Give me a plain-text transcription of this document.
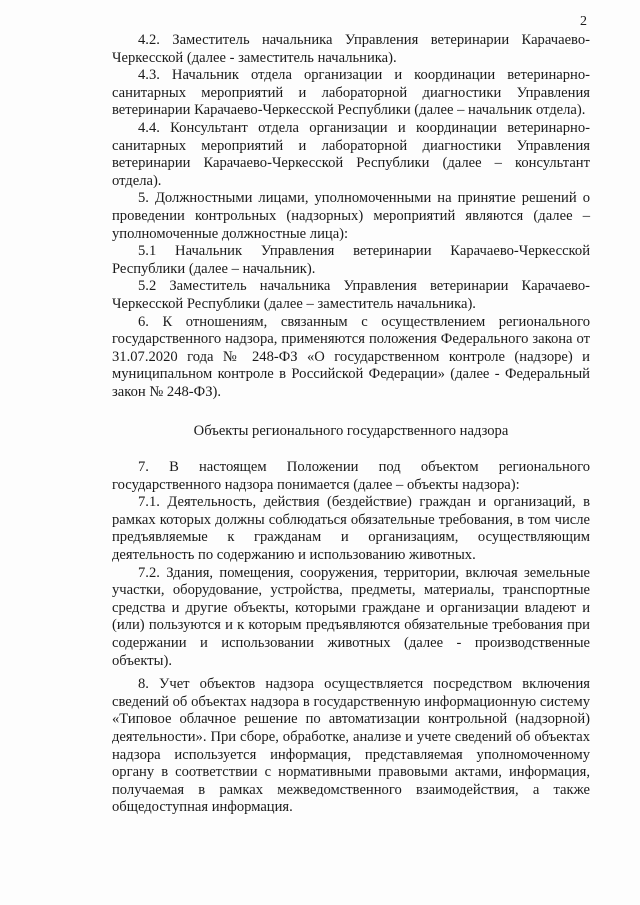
2

4.2. Заместитель начальника Управления ветеринарии Карачаево-Черкесской (далее - заместитель начальника).

4.3. Начальник отдела организации и координации ветеринарно-санитарных мероприятий и лабораторной диагностики Управления ветеринарии Карачаево-Черкесской Республики (далее – начальник отдела).

4.4. Консультант отдела организации и координации ветеринарно-санитарных мероприятий и лабораторной диагностики Управления ветеринарии Карачаево-Черкесской Республики (далее – консультант отдела).

5. Должностными лицами, уполномоченными на принятие решений о проведении контрольных (надзорных) мероприятий являются (далее – уполномоченные должностные лица):

5.1 Начальник Управления ветеринарии Карачаево-Черкесской Республики (далее – начальник).

5.2 Заместитель начальника Управления ветеринарии Карачаево-Черкесской Республики (далее – заместитель начальника).

6. К отношениям, связанным с осуществлением регионального государственного надзора, применяются положения Федерального закона от 31.07.2020 года № 248-ФЗ «О государственном контроле (надзоре) и муниципальном контроле в Российской Федерации» (далее - Федеральный закон № 248-ФЗ).

Объекты регионального государственного надзора

7. В настоящем Положении под объектом регионального государственного надзора понимается (далее – объекты надзора):

7.1. Деятельность, действия (бездействие) граждан и организаций, в рамках которых должны соблюдаться обязательные требования, в том числе предъявляемые к гражданам и организациям, осуществляющим деятельность по содержанию и использованию животных.

7.2. Здания, помещения, сооружения, территории, включая земельные участки, оборудование, устройства, предметы, материалы, транспортные средства и другие объекты, которыми граждане и организации владеют и (или) пользуются и к которым предъявляются обязательные требования при содержании и использовании животных (далее - производственные объекты).

8. Учет объектов надзора осуществляется посредством включения сведений об объектах надзора в государственную информационную систему «Типовое облачное решение по автоматизации контрольной (надзорной) деятельности». При сборе, обработке, анализе и учете сведений об объектах надзора используется информация, представляемая уполномоченному органу в соответствии с нормативными правовыми актами, информация, получаемая в рамках межведомственного взаимодействия, а также общедоступная информация.
